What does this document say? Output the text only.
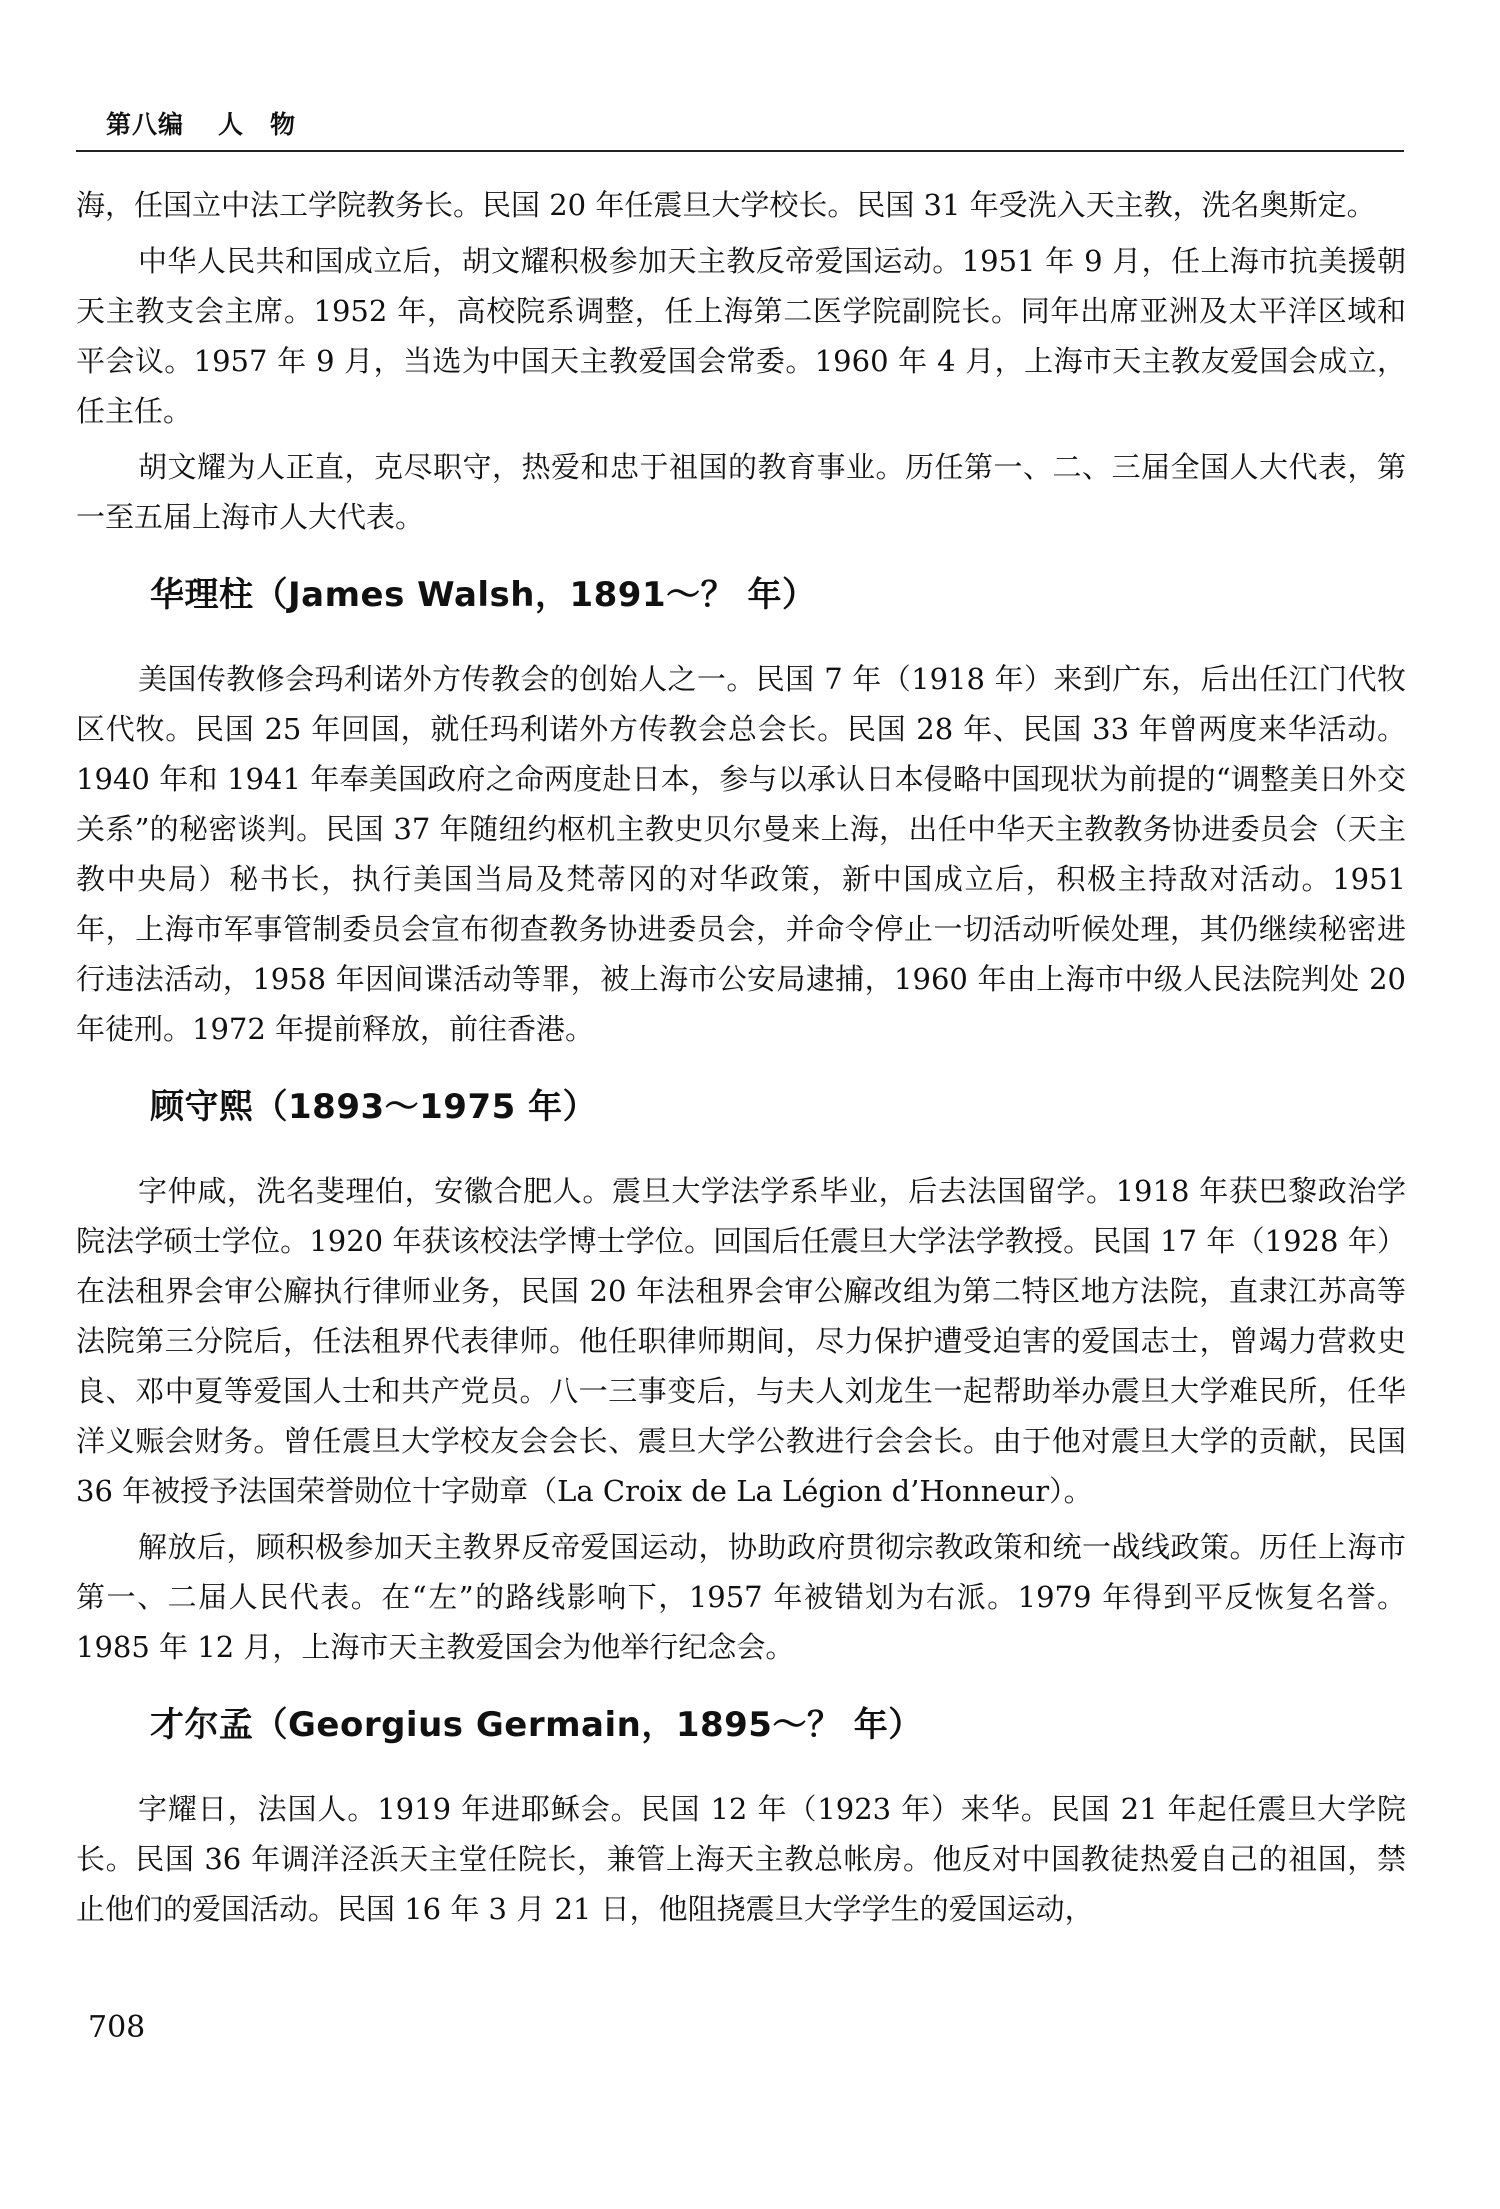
第八编 人　物

海，任国立中法工学院教务长。民国 20 年任震旦大学校长。民国 31 年受洗入天主教，洗名奥斯定。

中华人民共和国成立后，胡文耀积极参加天主教反帝爱国运动。1951 年 9 月，任上海市抗美援朝天主教支会主席。1952 年，高校院系调整，任上海第二医学院副院长。同年出席亚洲及太平洋区域和平会议。1957 年 9 月，当选为中国天主教爱国会常委。1960 年 4 月，上海市天主教友爱国会成立，任主任。

胡文耀为人正直，克尽职守，热爱和忠于祖国的教育事业。历任第一、二、三届全国人大代表，第一至五届上海市人大代表。

华理柱（James Walsh，1891～？ 年）

美国传教修会玛利诺外方传教会的创始人之一。民国 7 年（1918 年）来到广东，后出任江门代牧区代牧。民国 25 年回国，就任玛利诺外方传教会总会长。民国 28 年、民国 33 年曾两度来华活动。1940 年和 1941 年奉美国政府之命两度赴日本，参与以承认日本侵略中国现状为前提的“调整美日外交关系”的秘密谈判。民国 37 年随纽约枢机主教史贝尔曼来上海，出任中华天主教教务协进委员会（天主教中央局）秘书长，执行美国当局及梵蒂冈的对华政策，新中国成立后，积极主持敌对活动。1951 年，上海市军事管制委员会宣布彻查教务协进委员会，并命令停止一切活动听候处理，其仍继续秘密进行违法活动，1958 年因间谍活动等罪，被上海市公安局逮捕，1960 年由上海市中级人民法院判处 20 年徒刑。1972 年提前释放，前往香港。

顾守熙（1893～1975 年）

字仲咸，洗名斐理伯，安徽合肥人。震旦大学法学系毕业，后去法国留学。1918 年获巴黎政治学院法学硕士学位。1920 年获该校法学博士学位。回国后任震旦大学法学教授。民国 17 年（1928 年）在法租界会审公廨执行律师业务，民国 20 年法租界会审公廨改组为第二特区地方法院，直隶江苏高等法院第三分院后，任法租界代表律师。他任职律师期间，尽力保护遭受迫害的爱国志士，曾竭力营救史良、邓中夏等爱国人士和共产党员。八一三事变后，与夫人刘龙生一起帮助举办震旦大学难民所，任华洋义赈会财务。曾任震旦大学校友会会长、震旦大学公教进行会会长。由于他对震旦大学的贡献，民国 36 年被授予法国荣誉勋位十字勋章（La Croix de La Légion d’Honneur）。

解放后，顾积极参加天主教界反帝爱国运动，协助政府贯彻宗教政策和统一战线政策。历任上海市第一、二届人民代表。在“左”的路线影响下，1957 年被错划为右派。1979 年得到平反恢复名誉。1985 年 12 月，上海市天主教爱国会为他举行纪念会。

才尔孟（Georgius Germain，1895～？ 年）

字耀日，法国人。1919 年进耶稣会。民国 12 年（1923 年）来华。民国 21 年起任震旦大学院长。民国 36 年调洋泾浜天主堂任院长，兼管上海天主教总帐房。他反对中国教徒热爱自己的祖国，禁止他们的爱国活动。民国 16 年 3 月 21 日，他阻挠震旦大学学生的爱国运动，

708
